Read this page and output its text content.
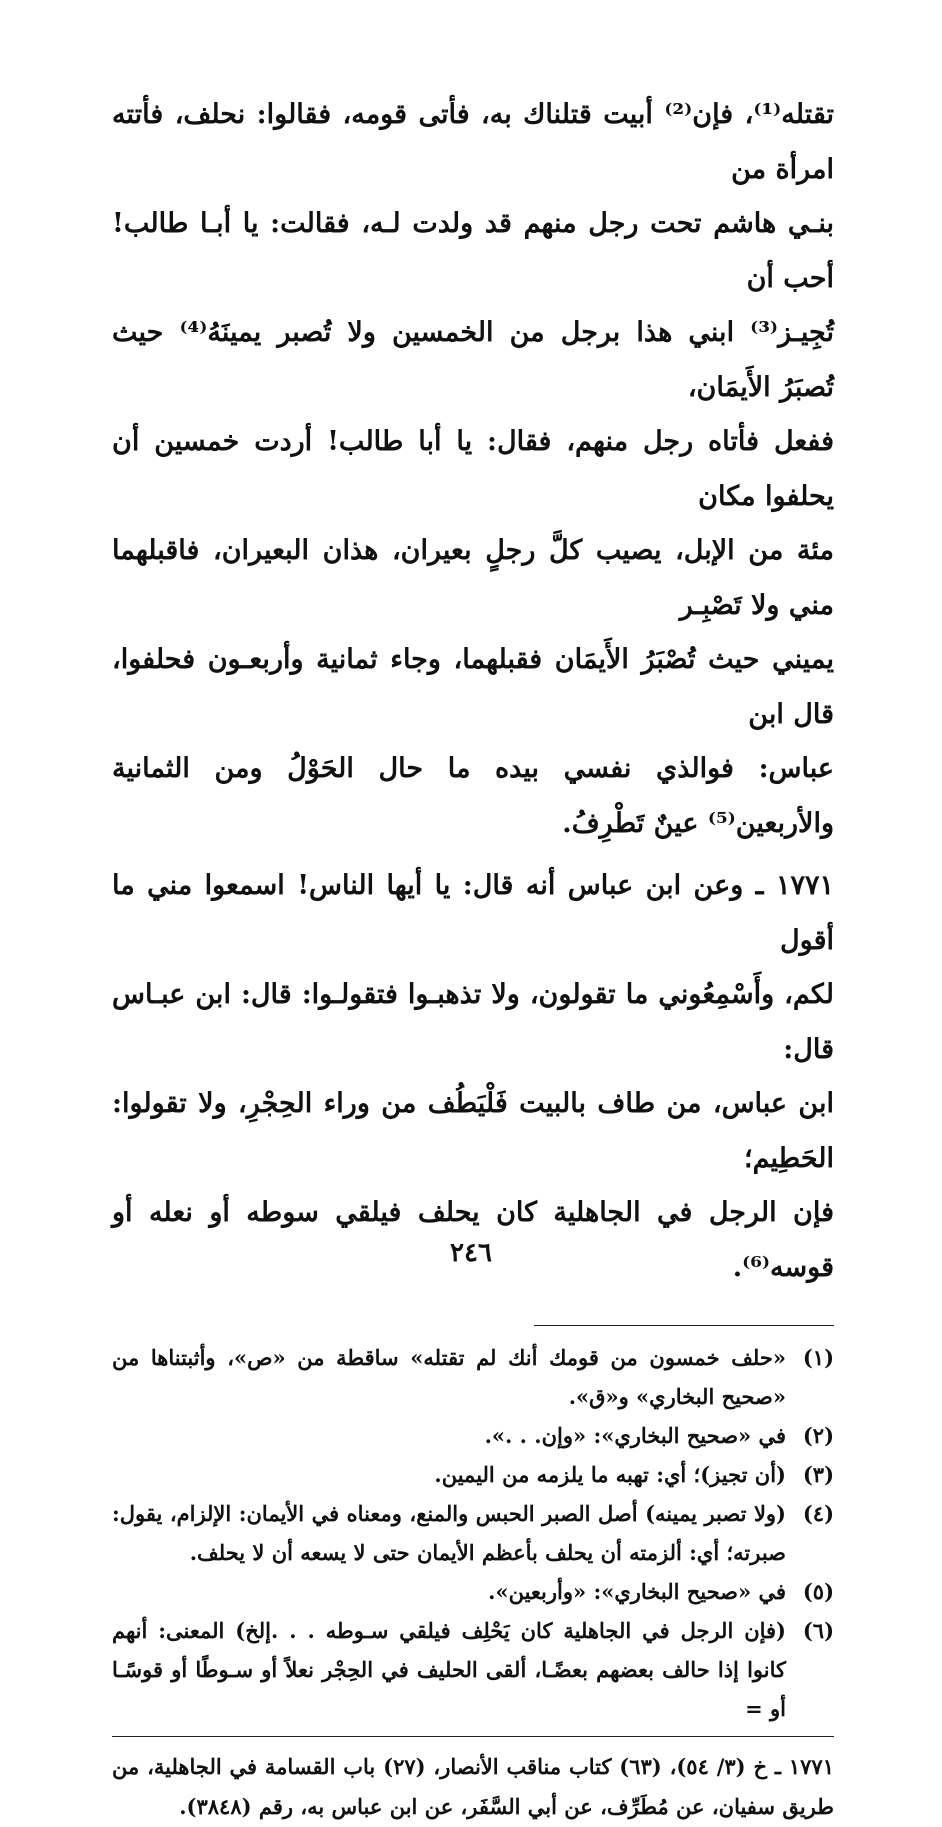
تقتله⁽¹⁾، فإن⁽²⁾ أبيت قتلناك به، فأتى قومه، فقالوا: نحلف، فأتته امرأة من

بنـي هاشم تحت رجل منهم قد ولدت لـه، فقالت: يا أبـا طالب! أحب أن

تُجِيـز⁽³⁾ ابني هذا برجل من الخمسين ولا تُصبر يمينَهُ⁽⁴⁾ حيث تُصبَرُ الأَيمَان،

ففعل فأتاه رجل منهم، فقال: يا أبا طالب! أردت خمسين أن يحلفوا مكان

مئة من الإبل، يصيب كلَّ رجلٍ بعيران، هذان البعيران، فاقبلهما مني ولا تَصْبِـر

يميني حيث تُصْبَرُ الأَيمَان فقبلهما، وجاء ثمانية وأربعـون فحلفوا، قال ابن

عباس: فوالذي نفسي بيده ما حال الحَوْلُ ومن الثمانية والأربعين⁽⁵⁾ عينٌ تَطْرِفُ.

١٧٧١ ـ وعن ابن عباس أنه قال: يا أيها الناس! اسمعوا مني ما أقول

لكم، وأَسْمِعُوني ما تقولون، ولا تذهبـوا فتقولـوا: قال: ابن عبـاس قال:

ابن عباس، من طاف بالبيت فَلْيَطُف من وراء الحِجْرِ، ولا تقولوا: الحَطِيم؛

فإن الرجل في الجاهلية كان يحلف فيلقي سوطه أو نعله أو قوسه⁽⁶⁾.

(١)
«حلف خمسون من قومك أنك لم تقتله» ساقطة من «ص»، وأثبتناها من «صحيح البخاري» و«ق».
(٢)
في «صحيح البخاري»: «وإن. . .».
(٣)
(أن تجيز)؛ أي: تهبه ما يلزمه من اليمين.
(٤)
(ولا تصبر يمينه) أصل الصبر الحبس والمنع، ومعناه في الأيمان: الإلزام، يقول: صبرته؛ أي: ألزمته أن يحلف بأعظم الأيمان حتى لا يسعه أن لا يحلف.
(٥)
في «صحيح البخاري»: «وأربعين».
(٦)
(فإن الرجل في الجاهلية كان يَحْلِف فيلقي سـوطه . . .إلخ) المعنى: أنهم كانوا إذا حالف بعضهم بعضًـا، ألقى الحليف في الحِجْر نعلاً أو سـوطًا أو قوسًـا أو =
١٧٧١ ـ خ (٣/ ٥٤)، (٦٣) كتاب مناقب الأنصار، (٢٧) باب القسامة في الجاهلية، من طريق سفيان، عن مُطَرِّف، عن أبي السَّفَر، عن ابن عباس به، رقم (٣٨٤٨).
٢٤٦
